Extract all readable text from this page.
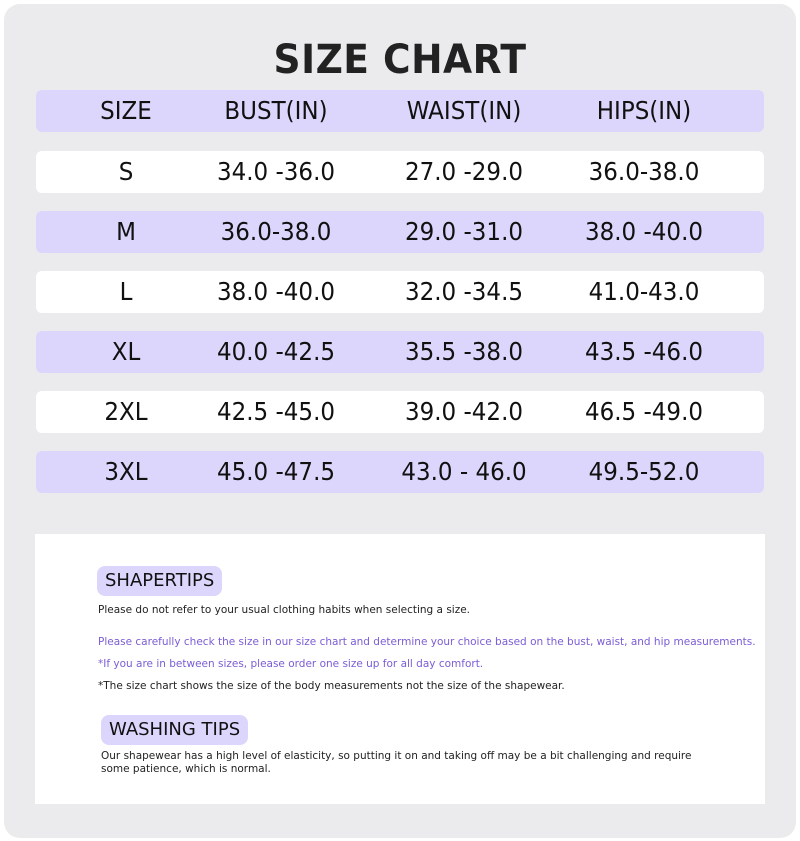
SIZE CHART
SIZE	BUST(IN)	WAIST(IN)	HIPS(IN)
S	34.0 -36.0	27.0 -29.0	36.0-38.0
M	36.0-38.0	29.0 -31.0	38.0 -40.0
L	38.0 -40.0	32.0 -34.5	41.0-43.0
XL	40.0 -42.5	35.5 -38.0	43.5 -46.0
2XL	42.5 -45.0	39.0 -42.0	46.5 -49.0
3XL	45.0 -47.5	43.0 - 46.0	49.5-52.0
SHAPERTIPS
Please do not refer to your usual clothing habits when selecting a size.
Please carefully check the size in our size chart and determine your choice based on the bust, waist, and hip measurements.
*If you are in between sizes, please order one size up for all day comfort.
*The size chart shows the size of the body measurements not the size of the shapewear.
WASHING TIPS
Our shapewear has a high level of elasticity, so putting it on and taking off may be a bit challenging and require some patience, which is normal.
